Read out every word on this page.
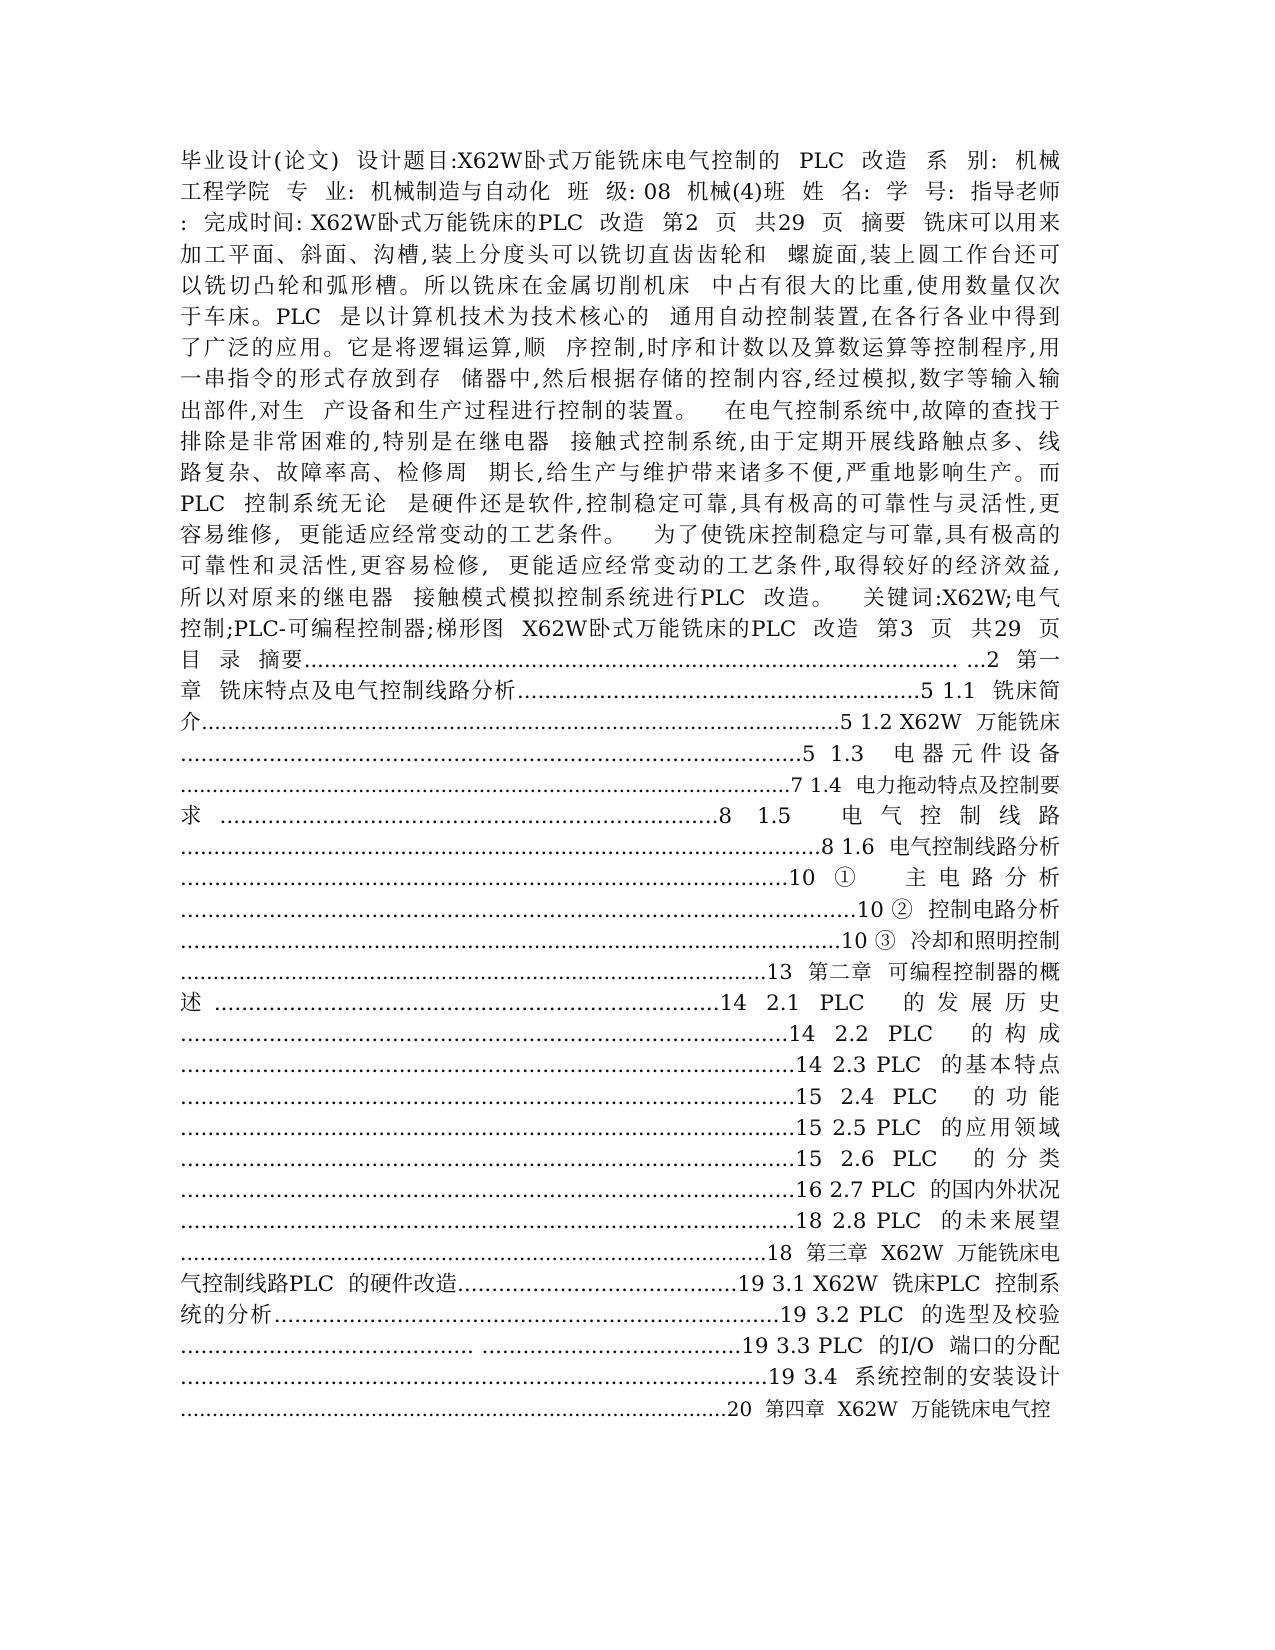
毕业设计(论文)  设计题目:X62W卧式万能铣床电气控制的  PLC  改造  系  别:  机械
工程学院  专  业:  机械制造与自动化  班  级: 08  机械(4)班  姓  名:  学  号:  指导老师
:  完成时间: X62W卧式万能铣床的PLC  改造  第2  页  共29  页  摘要  铣床可以用来
加工平面、斜面、沟槽,装上分度头可以铣切直齿齿轮和  螺旋面,装上圆工作台还可
以铣切凸轮和弧形槽。所以铣床在金属切削机床  中占有很大的比重,使用数量仅次
于车床。PLC  是以计算机技术为技术核心的  通用自动控制装置,在各行各业中得到
了广泛的应用。它是将逻辑运算,顺  序控制,时序和计数以及算数运算等控制程序,用
一串指令的形式存放到存  储器中,然后根据存储的控制内容,经过模拟,数字等输入输
出部件,对生  产设备和生产过程进行控制的装置。   在电气控制系统中,故障的查找于
排除是非常困难的,特别是在继电器  接触式控制系统,由于定期开展线路触点多、线
路复杂、故障率高、检修周  期长,给生产与维护带来诸多不便,严重地影响生产。而
PLC  控制系统无论  是硬件还是软件,控制稳定可靠,具有极高的可靠性与灵活性,更
容易维修,  更能适应经常变动的工艺条件。   为了使铣床控制稳定与可靠,具有极高的
可靠性和灵活性,更容易检修,  更能适应经常变动的工艺条件,取得较好的经济效益,
所以对原来的继电器  接触模式模拟控制系统进行PLC  改造。   关键词:X62W;电气
控制;PLC-可编程控制器;梯形图  X62W卧式万能铣床的PLC  改造  第3  页  共29  页
目  录  摘要.................................................................................................. ...2  第一
章  铣床特点及电气控制线路分析...........................................................5 1.1  铣床简
介..................................................................................................5 1.2 X62W  万能铣床
...........................................................................................5 1.3  电器元件设备
................................................................................................7 1.4  电力拖动特点及控制要
求.........................................................................8 1.5  电气控制线路
................................................................................................8 1.6  电气控制线路分析
.........................................................................................10 ①  主电路分析
...................................................................................................10 ②  控制电路分析
...................................................................................................10 ③  冷却和照明控制
..........................................................................................13  第二章  可编程控制器的概
述..........................................................................14 2.1 PLC  的发展历史
.........................................................................................14 2.2 PLC  的构成
..........................................................................................14 2.3 PLC  的基本特点
..........................................................................................15 2.4 PLC  的功能
..........................................................................................15 2.5 PLC  的应用领域
..........................................................................................15 2.6 PLC  的分类
..........................................................................................16 2.7 PLC  的国内外状况
..........................................................................................18 2.8 PLC  的未来展望
..........................................................................................18  第三章  X62W  万能铣床电
气控制线路PLC  的硬件改造.........................................19 3.1 X62W  铣床PLC  控制系
统的分析..........................................................................19 3.2 PLC  的选型及校验
........................................... ......................................19 3.3 PLC  的I/O  端口的分配
......................................................................................19 3.4  系统控制的安装设计
......................................................................................20  第四章  X62W  万能铣床电气控
